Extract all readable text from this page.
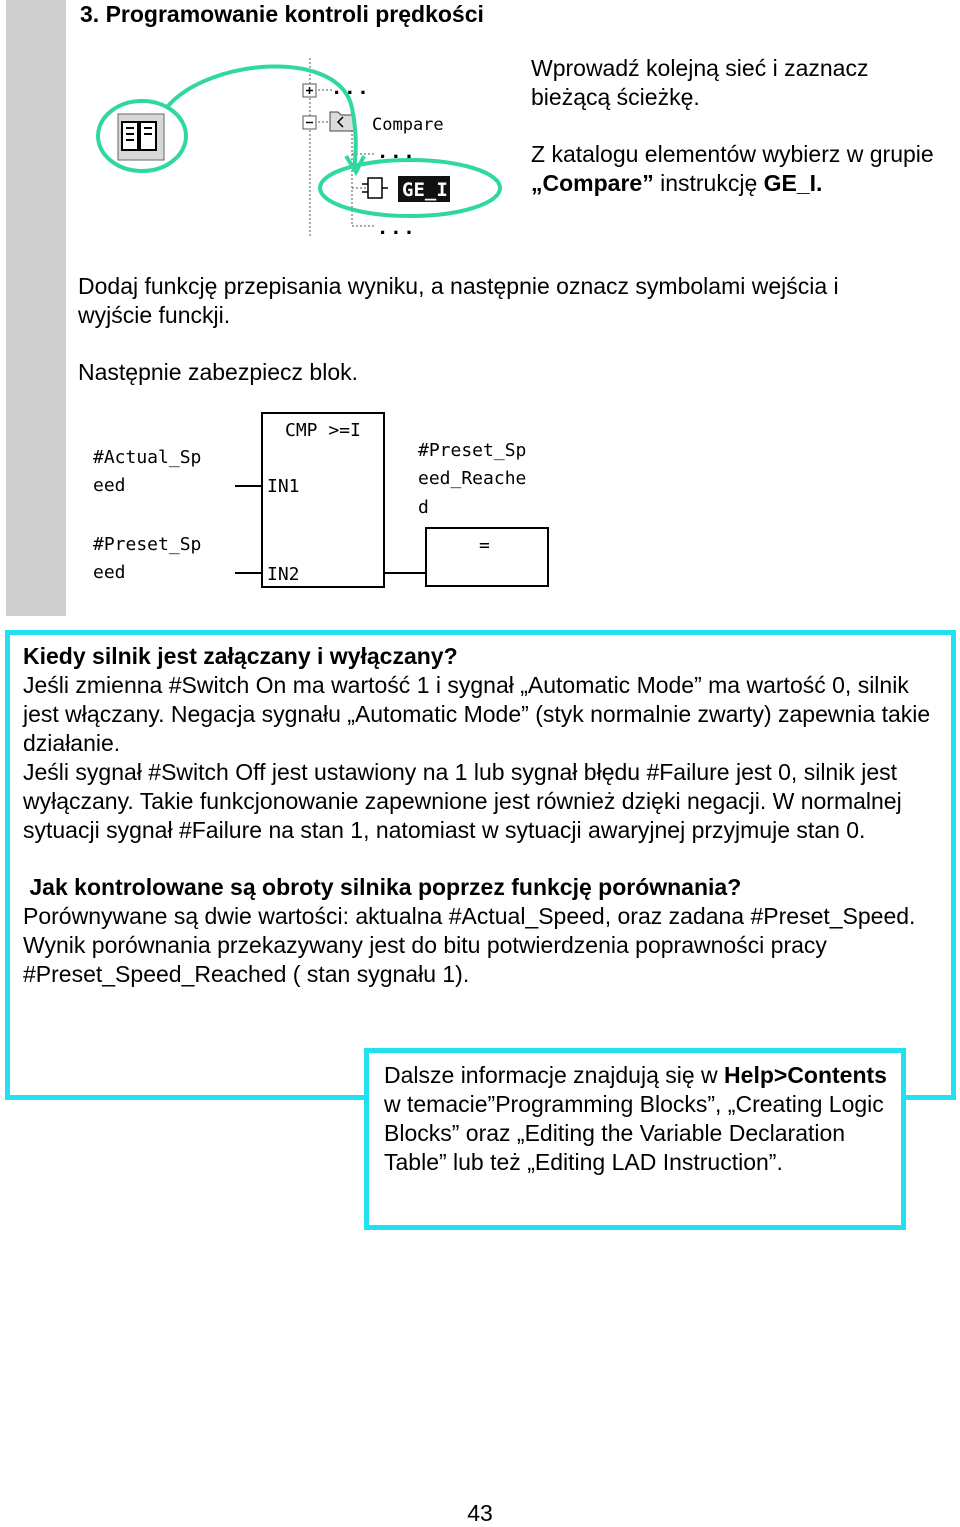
3. Programowanie kontroli prędkości
...
Compare
...
GE_I
...

Wprowadź kolejną sieć i zaznacz bieżącą ścieżkę.

Z katalogu elementów wybierz w grupie „Compare” instrukcję GE_I.

Dodaj funkcję przepisania wyniku, a następnie oznacz symbolami wejścia i wyjście funckji.

Następnie zabezpiecz blok.

CMP >=I
IN1
IN2
#Actual_Sp
eed
#Preset_Sp
eed
#Preset_Sp
eed_Reache
d
=

Kiedy silnik jest załączany i wyłączany?

Jeśli zmienna #Switch On ma wartość 1 i sygnał „Automatic Mode” ma wartość 0, silnik jest włączany. Negacja sygnału „Automatic Mode” (styk normalnie zwarty) zapewnia takie działanie.

Jeśli sygnał #Switch Off jest ustawiony na 1 lub sygnał błędu #Failure jest 0, silnik jest wyłączany. Takie funkcjonowanie zapewnione jest również dzięki negacji. W normalnej sytuacji sygnał #Failure na stan 1, natomiast w sytuacji awaryjnej przyjmuje stan 0.

Jak kontrolowane są obroty silnika poprzez funkcję porównania?

Porównywane są dwie wartości: aktualna #Actual_Speed, oraz zadana #Preset_Speed. Wynik porównania przekazywany jest do bitu potwierdzenia poprawności pracy #Preset_Speed_Reached ( stan sygnału 1).

Dalsze informacje znajdują się w Help>Contents w temacie”Programming Blocks”, „Creating Logic Blocks” oraz „Editing the Variable Declaration Table” lub też „Editing LAD Instruction”.
43
